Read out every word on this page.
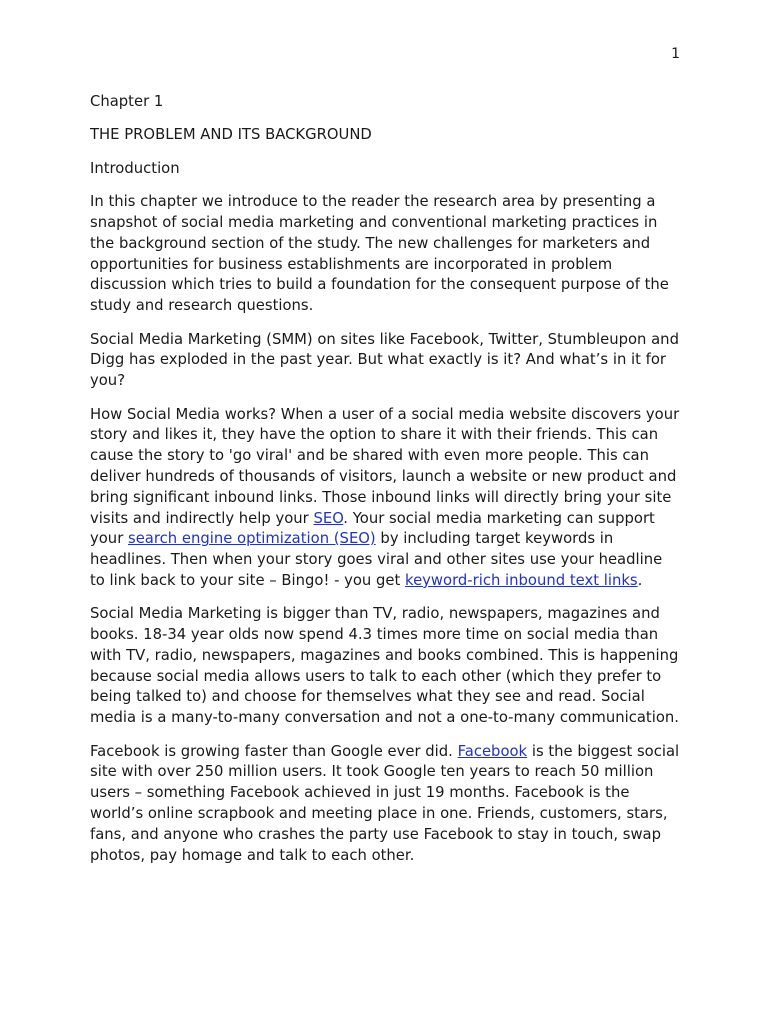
1

Chapter 1

THE PROBLEM AND ITS BACKGROUND

Introduction

In this chapter we introduce to the reader the research area by presenting a snapshot of social media marketing and conventional marketing practices in the background section of the study. The new challenges for marketers and opportunities for business establishments are incorporated in problem discussion which tries to build a foundation for the consequent purpose of the study and research questions.

Social Media Marketing (SMM) on sites like Facebook, Twitter, Stumbleupon and Digg has exploded in the past year. But what exactly is it? And what’s in it for you?

How Social Media works? When a user of a social media website discovers your story and likes it, they have the option to share it with their friends. This can cause the story to 'go viral' and be shared with even more people. This can deliver hundreds of thousands of visitors, launch a website or new product and bring significant inbound links. Those inbound links will directly bring your site visits and indirectly help your SEO. Your social media marketing can support your search engine optimization (SEO) by including target keywords in headlines. Then when your story goes viral and other sites use your headline to link back to your site – Bingo! - you get keyword-rich inbound text links.

Social Media Marketing is bigger than TV, radio, newspapers, magazines and books. 18-34 year olds now spend 4.3 times more time on social media than with TV, radio, newspapers, magazines and books combined. This is happening because social media allows users to talk to each other (which they prefer to being talked to) and choose for themselves what they see and read. Social media is a many-to-many conversation and not a one-to-many communication.

Facebook is growing faster than Google ever did. Facebook is the biggest social site with over 250 million users. It took Google ten years to reach 50 million users – something Facebook achieved in just 19 months. Facebook is the world’s online scrapbook and meeting place in one. Friends, customers, stars, fans, and anyone who crashes the party use Facebook to stay in touch, swap photos, pay homage and talk to each other.
